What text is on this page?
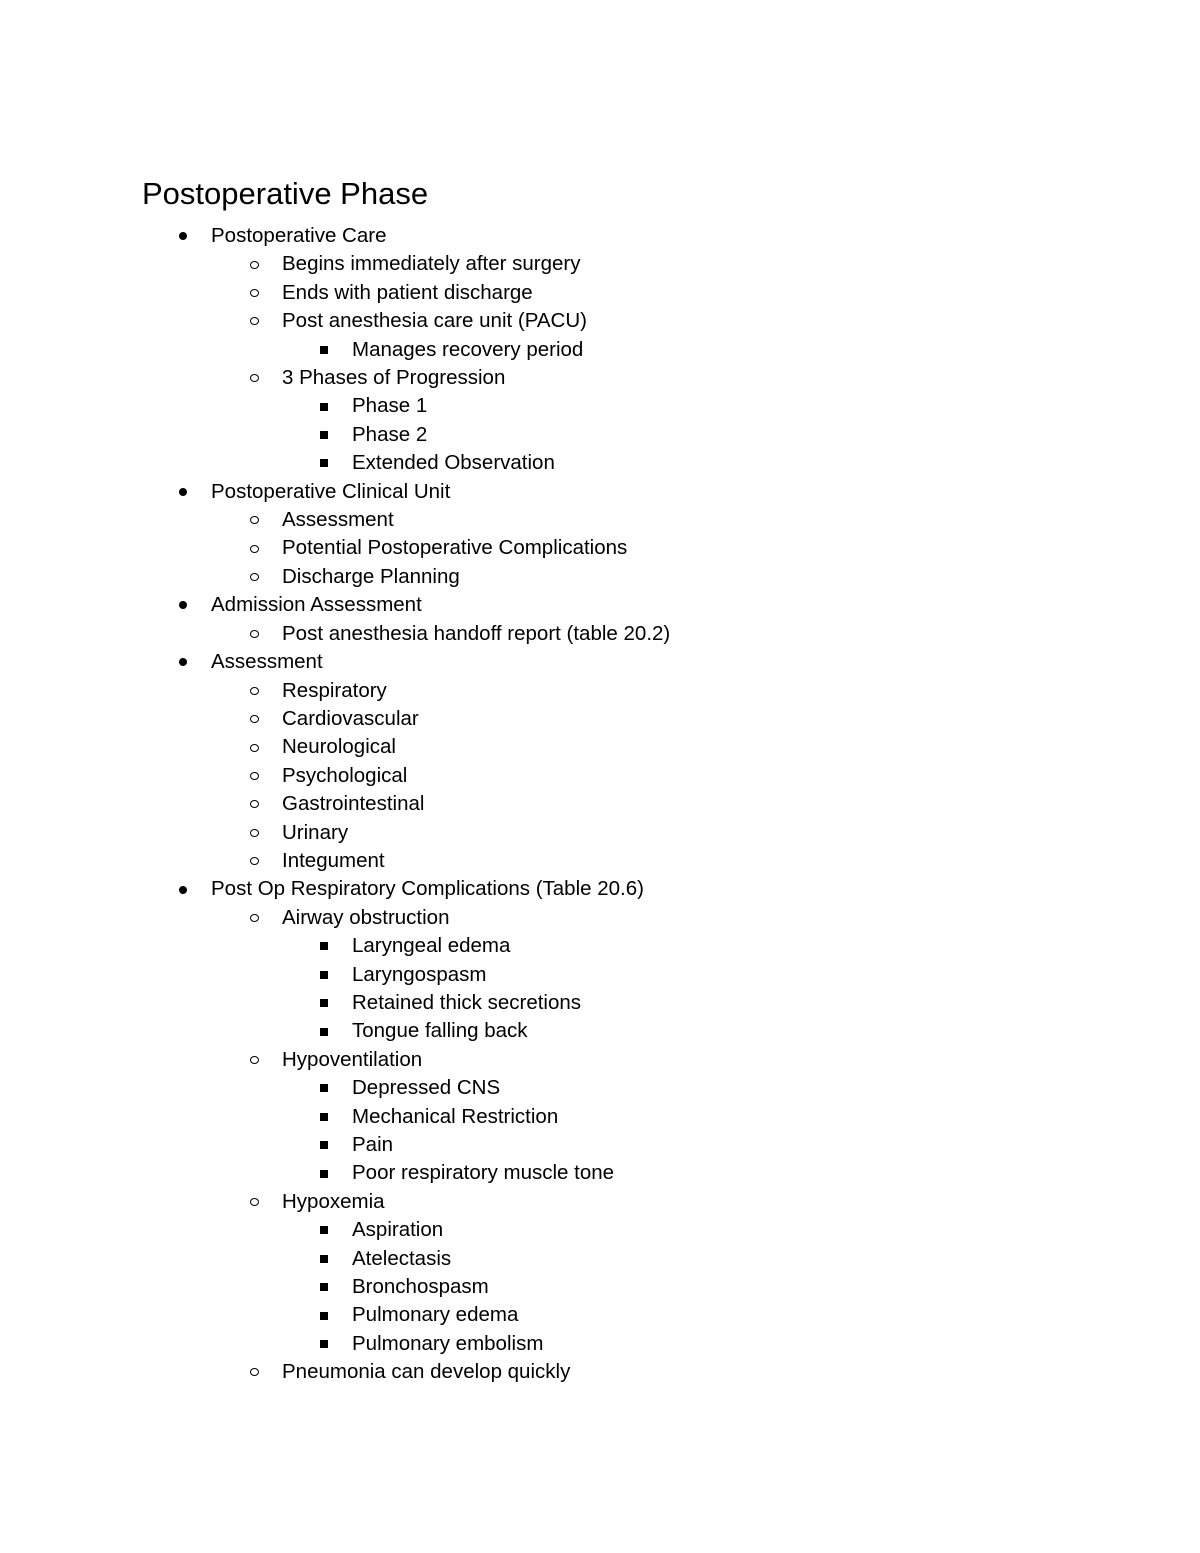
Postoperative Phase
Postoperative Care
Begins immediately after surgery
Ends with patient discharge
Post anesthesia care unit (PACU)
Manages recovery period
3 Phases of Progression
Phase 1
Phase 2
Extended Observation
Postoperative Clinical Unit
Assessment
Potential Postoperative Complications
Discharge Planning
Admission Assessment
Post anesthesia handoff report (table 20.2)
Assessment
Respiratory
Cardiovascular
Neurological
Psychological
Gastrointestinal
Urinary
Integument
Post Op Respiratory Complications (Table 20.6)
Airway obstruction
Laryngeal edema
Laryngospasm
Retained thick secretions
Tongue falling back
Hypoventilation
Depressed CNS
Mechanical Restriction
Pain
Poor respiratory muscle tone
Hypoxemia
Aspiration
Atelectasis
Bronchospasm
Pulmonary edema
Pulmonary embolism
Pneumonia can develop quickly
